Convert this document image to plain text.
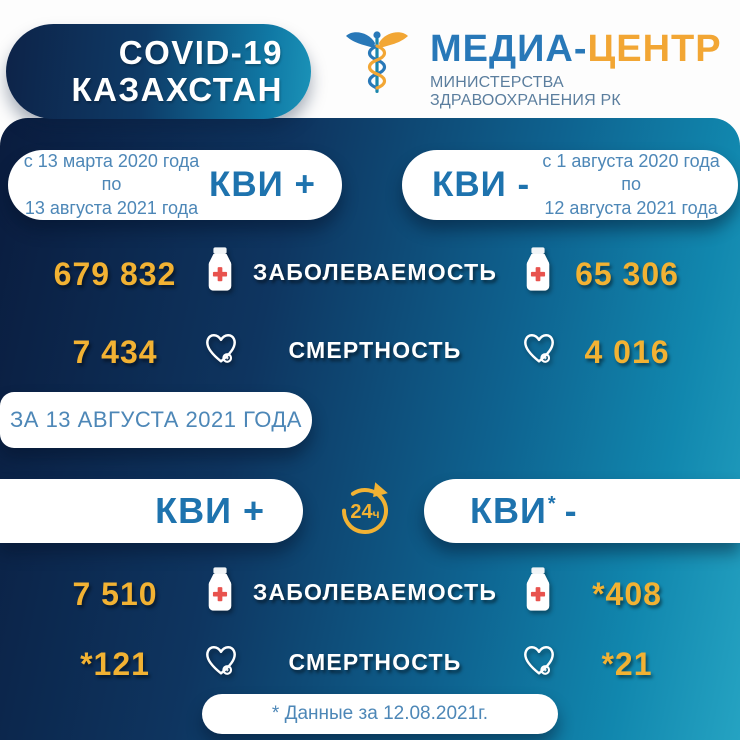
COVID-19
КАЗАХСТАН
МЕДИА-ЦЕНТР
МИНИСТЕРСТВА ЗДРАВООХРАНЕНИЯ РК
с 13 марта 2020 года по
13 августа 2021 года
КВИ +	КВИ -
с 1 августа 2020 года по
12 августа 2021 года
679 832	ЗАБОЛЕВАЕМОСТЬ	65 306
7 434	СМЕРТНОСТЬ	4 016
ЗА 13 АВГУСТА 2021 ГОДА
КВИ +	24ч	КВИ* -
7 510	ЗАБОЛЕВАЕМОСТЬ	*408
*121	СМЕРТНОСТЬ	*21
* Данные за 12.08.2021г.
